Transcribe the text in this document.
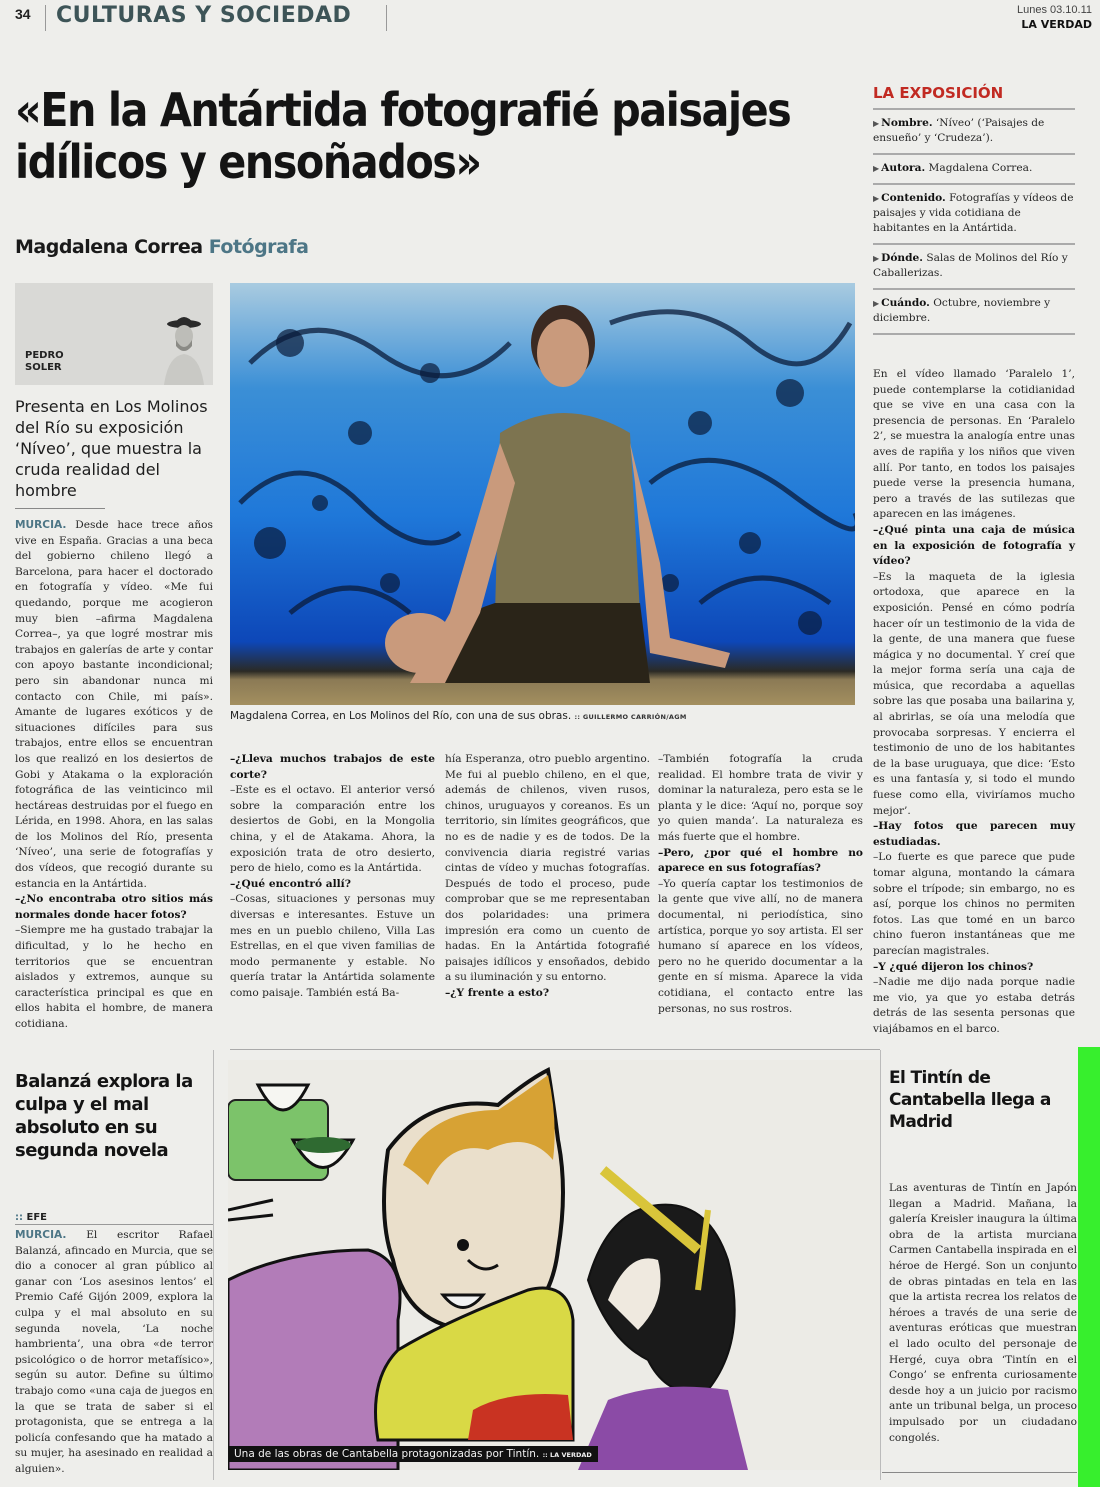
34 CULTURAS Y SOCIEDAD	Lunes 03.10.11
LA VERDAD
«En la Antártida fotografié paisajes idílicos y ensoñados»
Magdalena Correa Fotógrafa
PEDRO
SOLER
Presenta en Los Molinos del Río su exposición ‘Níveo’, que muestra la cruda realidad del hombre

MURCIA. Desde hace trece años vive en España. Gracias a una beca del gobierno chileno llegó a Barcelona, para hacer el doctorado en fotografía y vídeo. «Me fui quedando, porque me acogieron muy bien –afirma Magdalena Correa–, ya que logré mostrar mis trabajos en galerías de arte y contar con apoyo bastante incondicional; pero sin abandonar nunca mi contacto con Chile, mi país». Amante de lugares exóticos y de situaciones difíciles para sus trabajos, entre ellos se encuentran los que realizó en los desiertos de Gobi y Atakama o la exploración fotográfica de las veinticinco mil hectáreas destruidas por el fuego en Lérida, en 1998. Ahora, en las salas de los Molinos del Río, presenta ‘Níveo’, una serie de fotografías y dos vídeos, que recogió durante su estancia en la Antártida.

–¿No encontraba otro sitios más normales donde hacer fotos?

–Siempre me ha gustado trabajar la dificultad, y lo he hecho en territorios que se encuentran aislados y extremos, aunque su característica principal es que en ellos habita el hombre, de manera cotidiana.

Magdalena Correa, en Los Molinos del Río, con una de sus obras. :: GUILLERMO CARRIÓN/AGM

–¿Lleva muchos trabajos de este corte?

–Este es el octavo. El anterior versó sobre la comparación entre los desiertos de Gobi, en la Mongolia china, y el de Atakama. Ahora, la exposición trata de otro desierto, pero de hielo, como es la Antártida.

–¿Qué encontró allí?

–Cosas, situaciones y personas muy diversas e interesantes. Estuve un mes en un pueblo chileno, Villa Las Estrellas, en el que viven familias de modo permanente y estable. No quería tratar la Antártida solamente como paisaje. También está Ba-

hía Esperanza, otro pueblo argentino. Me fui al pueblo chileno, en el que, además de chilenos, viven rusos, chinos, uruguayos y coreanos. Es un territorio, sin límites geográficos, que no es de nadie y es de todos. De la convivencia diaria registré varias cintas de vídeo y muchas fotografías. Después de todo el proceso, pude comprobar que se me representaban dos polaridades: una primera impresión era como un cuento de hadas. En la Antártida fotografié paisajes idílicos y ensoñados, debido a su iluminación y su entorno.

–¿Y frente a esto?

–También fotografía la cruda realidad. El hombre trata de vivir y dominar la naturaleza, pero esta se le planta y le dice: ‘Aquí no, porque soy yo quien manda’. La naturaleza es más fuerte que el hombre.

–Pero, ¿por qué el hombre no aparece en sus fotografías?

–Yo quería captar los testimonios de la gente que vive allí, no de manera documental, ni periodística, sino artística, porque yo soy artista. El ser humano sí aparece en los vídeos, pero no he querido documentar a la gente en sí misma. Aparece la vida cotidiana, el contacto entre las personas, no sus rostros.

LA EXPOSICIÓN
▶ Nombre. ‘Níveo’ (‘Paisajes de ensueño’ y ‘Crudeza’).
▶ Autora. Magdalena Correa.
▶ Contenido. Fotografías y vídeos de paisajes y vida cotidiana de habitantes en la Antártida.
▶ Dónde. Salas de Molinos del Río y Caballerizas.
▶ Cuándo. Octubre, noviembre y diciembre.

En el vídeo llamado ‘Paralelo 1’, puede contemplarse la cotidianidad que se vive en una casa con la presencia de personas. En ‘Paralelo 2’, se muestra la analogía entre unas aves de rapiña y los niños que viven allí. Por tanto, en todos los paisajes puede verse la presencia humana, pero a través de las sutilezas que aparecen en las imágenes.

–¿Qué pinta una caja de música en la exposición de fotografía y vídeo?

–Es la maqueta de la iglesia ortodoxa, que aparece en la exposición. Pensé en cómo podría hacer oír un testimonio de la vida de la gente, de una manera que fuese mágica y no documental. Y creí que la mejor forma sería una caja de música, que recordaba a aquellas sobre las que posaba una bailarina y, al abrirlas, se oía una melodía que provocaba sorpresas. Y encierra el testimonio de uno de los habitantes de la base uruguaya, que dice: ‘Esto es una fantasía y, si todo el mundo fuese como ella, viviríamos mucho mejor’.

–Hay fotos que parecen muy estudiadas.

–Lo fuerte es que parece que pude tomar alguna, montando la cámara sobre el trípode; sin embargo, no es así, porque los chinos no permiten fotos. Las que tomé en un barco chino fueron instantáneas que me parecían magistrales.

–Y ¿qué dijeron los chinos?

–Nadie me dijo nada porque nadie me vio, ya que yo estaba detrás detrás de las sesenta personas que viajábamos en el barco.

Balanzá explora la culpa y el mal absoluto en su segunda novela
:: EFE

MURCIA. El escritor Rafael Balanzá, afincado en Murcia, que se dio a conocer al gran público al ganar con ‘Los asesinos lentos’ el Premio Café Gijón 2009, explora la culpa y el mal absoluto en su segunda novela, ‘La noche hambrienta’, una obra «de terror psicológico o de horror metafísico», según su autor. Define su último trabajo como «una caja de juegos en la que se trata de saber si el protagonista, que se entrega a la policía confesando que ha matado a su mujer, ha asesinado en realidad a alguien».

Una de las obras de Cantabella protagonizadas por Tintín. :: LA VERDAD
El Tintín de Cantabella llega a Madrid

Las aventuras de Tintín en Japón llegan a Madrid. Mañana, la galería Kreisler inaugura la última obra de la artista murciana Carmen Cantabella inspirada en el héroe de Hergé. Son un conjunto de obras pintadas en tela en las que la artista recrea los relatos de héroes a través de una serie de aventuras eróticas que muestran el lado oculto del personaje de Hergé, cuya obra ‘Tintín en el Congo’ se enfrenta curiosamente desde hoy a un juicio por racismo ante un tribunal belga, un proceso impulsado por un ciudadano congolés.
